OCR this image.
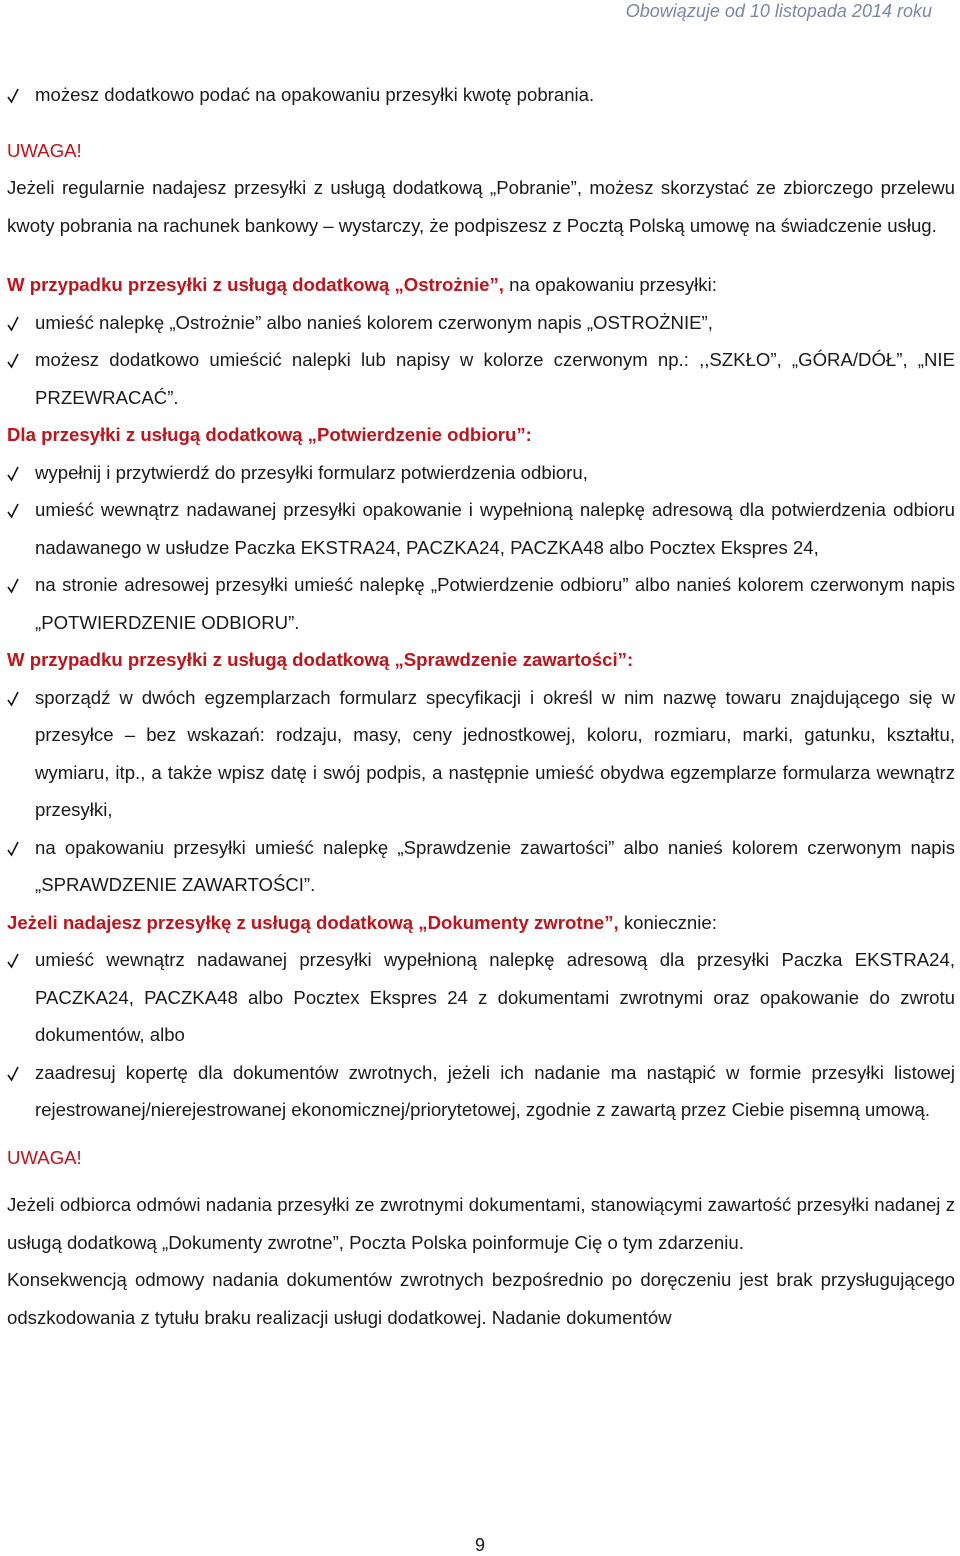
Obowiązuje od 10 listopada 2014 roku

możesz dodatkowo podać na opakowaniu przesyłki kwotę pobrania.

UWAGA!

Jeżeli regularnie nadajesz przesyłki z usługą dodatkową „Pobranie”, możesz skorzystać ze zbiorczego przelewu kwoty pobrania na rachunek bankowy – wystarczy, że podpiszesz z Pocztą Polską umowę na świadczenie usług.

W przypadku przesyłki z usługą dodatkową „Ostrożnie”, na opakowaniu przesyłki:

umieść nalepkę „Ostrożnie” albo nanieś kolorem czerwonym napis „OSTROŻNIE”,

możesz dodatkowo umieścić nalepki lub napisy w kolorze czerwonym np.: ,,SZKŁO”, „GÓRA/DÓŁ”, „NIE PRZEWRACAĆ”.

Dla przesyłki z usługą dodatkową „Potwierdzenie odbioru”:

wypełnij i przytwierdź do przesyłki formularz potwierdzenia odbioru,

umieść wewnątrz nadawanej przesyłki opakowanie i wypełnioną nalepkę adresową dla potwierdzenia odbioru nadawanego w usłudze Paczka EKSTRA24, PACZKA24, PACZKA48 albo Pocztex Ekspres 24,

na stronie adresowej przesyłki umieść nalepkę „Potwierdzenie odbioru” albo nanieś kolorem czerwonym napis „POTWIERDZENIE ODBIORU”.

W przypadku przesyłki z usługą dodatkową „Sprawdzenie zawartości”:

sporządź w dwóch egzemplarzach formularz specyfikacji i określ w nim nazwę towaru znajdującego się w przesyłce – bez wskazań: rodzaju, masy, ceny jednostkowej, koloru, rozmiaru, marki, gatunku, kształtu, wymiaru, itp., a także wpisz datę i swój podpis, a następnie umieść obydwa egzemplarze formularza wewnątrz przesyłki,

na opakowaniu przesyłki umieść nalepkę „Sprawdzenie zawartości” albo nanieś kolorem czerwonym napis „SPRAWDZENIE ZAWARTOŚCI”.

Jeżeli nadajesz przesyłkę z usługą dodatkową „Dokumenty zwrotne”, koniecznie:

umieść wewnątrz nadawanej przesyłki wypełnioną nalepkę adresową dla przesyłki Paczka EKSTRA24, PACZKA24, PACZKA48 albo Pocztex Ekspres 24 z dokumentami zwrotnymi oraz opakowanie do zwrotu dokumentów, albo

zaadresuj kopertę dla dokumentów zwrotnych, jeżeli ich nadanie ma nastąpić w formie przesyłki listowej rejestrowanej/nierejestrowanej ekonomicznej/priorytetowej, zgodnie z zawartą przez Ciebie pisemną umową.

UWAGA!

Jeżeli odbiorca odmówi nadania przesyłki ze zwrotnymi dokumentami, stanowiącymi zawartość przesyłki nadanej z usługą dodatkową „Dokumenty zwrotne”, Poczta Polska poinformuje Cię o tym zdarzeniu.

Konsekwencją odmowy nadania dokumentów zwrotnych bezpośrednio po doręczeniu jest brak przysługującego odszkodowania z tytułu braku realizacji usługi dodatkowej. Nadanie dokumentów

9
